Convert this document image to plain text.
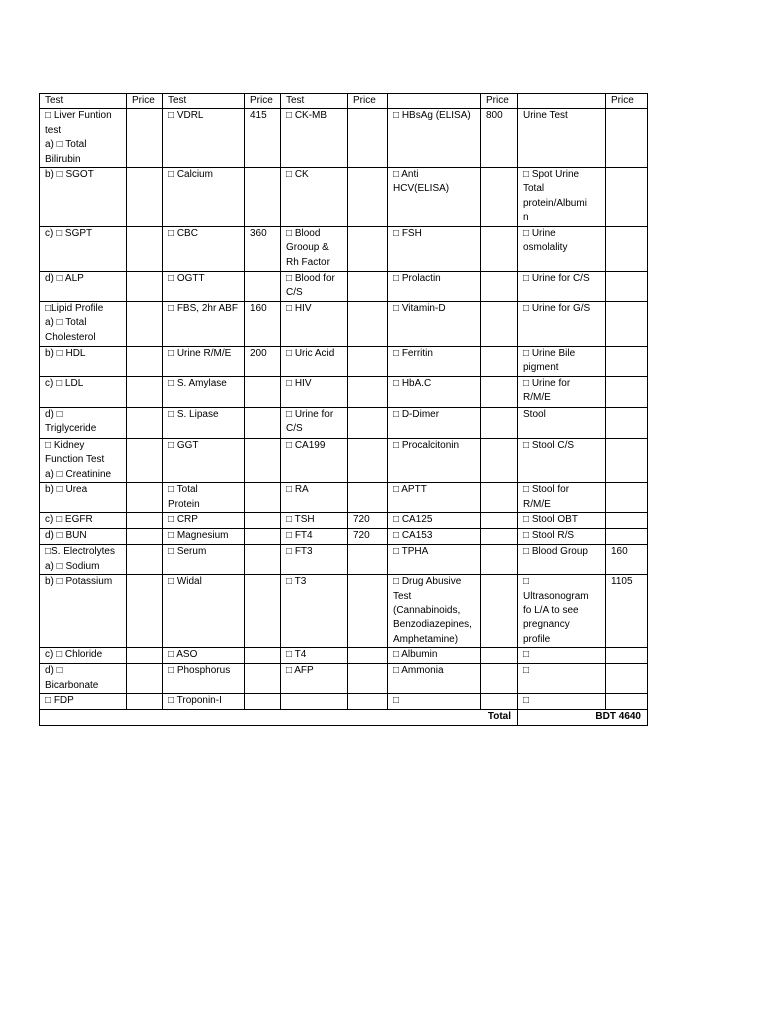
Test	Price	Test	Price	Test	Price		Price		Price

□ Liver Funtion
test
a) □ Total
Bilirubin		□ VDRL	415	□ CK-MB		□ HBsAg (ELISA)	800	Urine Test	

b) □ SGOT		□ Calcium		□ CK		□ Anti
HCV(ELISA)		□ Spot Urine
Total
protein/Albumi
n	

c) □ SGPT		□ CBC	360	□ Blood
Grooup &
Rh Factor		□ FSH		□ Urine
osmolality	

d) □ ALP		□ OGTT		□ Blood for
C/S		□ Prolactin		□ Urine for C/S	

□Lipid Profile
a) □ Total
Cholesterol		□ FBS, 2hr ABF	160	□ HIV		□ Vitamin-D		□ Urine for G/S	

b) □ HDL		□ Urine R/M/E	200	□ Uric Acid		□ Ferritin		□ Urine Bile
pigment	

c) □ LDL		□ S. Amylase		□ HIV		□ HbA.C		□ Urine for
R/M/E	

d) □
Triglyceride		□ S. Lipase		□ Urine for
C/S		□ D-Dimer		Stool	

□ Kidney
Function Test
a) □ Creatinine		□ GGT		□ CA199		□ Procalcitonin		□ Stool C/S	

b) □ Urea		□ Total
Protein		□ RA		□ APTT		□ Stool for
R/M/E	

c) □ EGFR		□ CRP		□ TSH	720	□ CA125		□ Stool OBT	

d) □ BUN		□ Magnesium		□ FT4	720	□ CA153		□ Stool R/S	

□S. Electrolytes
a) □ Sodium		□ Serum		□ FT3		□ TPHA		□ Blood Group	160

b) □ Potassium		□ Widal		□ T3		□ Drug Abusive
Test
(Cannabinoids,
Benzodiazepines,
Amphetamine)		□
Ultrasonogram
fo L/A to see
pregnancy
profile	1105

c) □ Chloride		□ ASO		□ T4		□ Albumin		□	

d) □
Bicarbonate		□ Phosphorus		□ AFP		□ Ammonia		□	

□ FDP		□ Troponin-I				□		□	

Total								BDT 4640	
